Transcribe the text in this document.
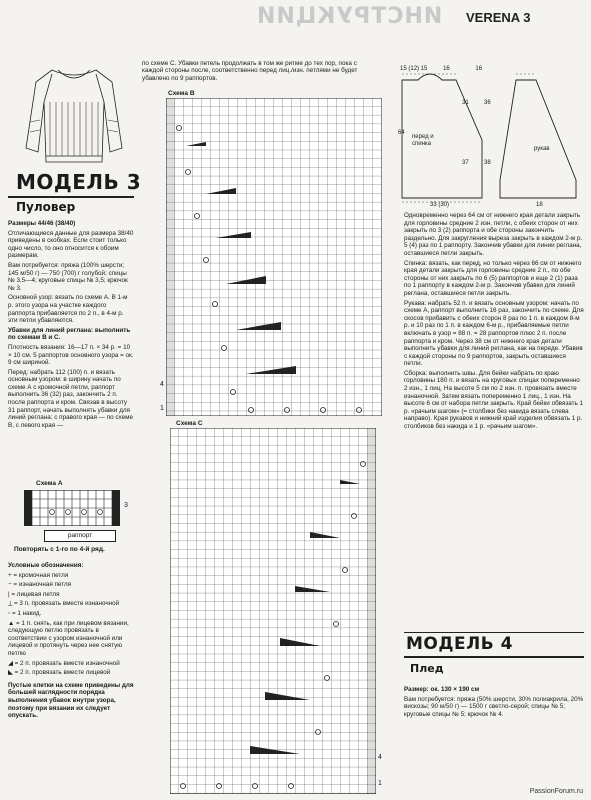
ИНСТРУКЦИИ VERENA 3
МОДЕЛЬ 3
Пуловер

Размеры 44/46 (38/40)

Отличающиеся данные для размера 38/40 приведены в скобках. Если стоит только одно число, то оно относится к обоим размерам.

Вам потребуется: пряжа (100% шерсти; 145 м/50 г) — 750 (700) г голубой; спицы № 3,5—4; круговые спицы № 3,5; крючок № 3.

Основной узор: вязать по схеме А. В 1-м р. этого узора на участке каждого раппорта прибавляется по 2 п., в 4-м р. эти петли убавляются.

Убавки для линий реглана: выполнить по схемам В и С.

Плотность вязания: 16—17 п. × 34 р. = 10 × 10 см. 5 раппортов основного узора = ок. 9 см шириной.

Перед: набрать 112 (100) п. и вязать основным узором: в ширину начать по схеме А с кромочной петли, раппорт выполнить 36 (32) раз, закончить 2 п. после раппорта и кром. Связав в высоту 31 раппорт, начать выполнять убавки для линий реглана: с правого края — по схеме В, с левого края —

Схема А
3
раппорт
Повторять с 1-го по 4-й ряд.

Условные обозначения:

+ = кромочная петля

− = изнаночная петля

| = лицевая петля

⟂ = 3 п. провязать вместе изнаночной

◦ = 1 накид.

▲ = 1 п. снять, как при лицевом вязании, следующую петлю провязать в соответствии с узором изнаночной или лицевой и протянуть через нее снятую петлю

◢ = 2 п. провязать вместе изнаночной

◣ = 2 п. провязать вместе лицевой

Пустые клетки на схеме приведены для большей наглядности порядка выполнения убавок внутри узора, поэтому при вязании их следует опускать.

по схеме С. Убавки петель продолжать в том же ритме до тех пор, пока с каждой стороны после, соответственно перед лиц./изн. петлями не будет убавлено по 9 раппортов.
Схема В
4
1
Схема С
4
1
15 (12) 15	16	16
перед и спинка
рукав
64
31	36
37	38
33 (30)	18

Одновременно через 64 см от нижнего края детали закрыть для горловины средние 2 изн. петли, с обеих сторон от них закрыть по 3 (2) раппорта и обе стороны закончить раздельно. Для закругления выреза закрыть в каждом 2-м р. 5 (4) раз по 1 раппорту. Закончив убавки для линии реглана, оставшиеся петли закрыть.

Спинка: вязать, как перед, но только через 66 см от нижнего края детали закрыть для горловины средние 2 п., по обе стороны от них закрыть по 6 (5) раппортов и еще 2 (1) раза по 1 раппорту в каждом 2-м р. Закончив убавки для линий реглана, оставшиеся петли закрыть.

Рукава: набрать 52 п. и вязать основным узором: начать по схеме А, раппорт выполнить 16 раз, закончить по схеме. Для скосов прибавить с обеих сторон 8 раз по 1 п. в каждом 8-м р. и 10 раз по 1 п. в каждом 6-м р., прибавляемые петли включать в узор = 88 п. = 28 раппортов плюс 2 п. после раппорта и кром. Через 38 см от нижнего края детали выполнить убавки для линий реглана, как на переде. Убавив с каждой стороны по 9 раппортов, закрыть оставшиеся петли.

Сборка: выполнить швы. Для бейки набрать по краю горловины 180 п. и вязать на круговых спицах попеременно 2 изн., 1 лиц. На высоте 5 см по 2 изн. п. провязать вместе изнаночной. Затем вязать попеременно 1 лиц., 1 изн. На высоте 6 см от набора петли закрыть. Край бейки обвязать 1 р. «рачьим шагом» (= столбики без накида вязать слева направо). Края рукавов и нижний край изделия обвязать 1 р. столбиков без накида и 1 р. «рачьим шагом».

МОДЕЛЬ 4
Плед

Размер: ок. 130 × 190 см

Вам потребуется: пряжа (50% шерсти, 30% полиакрила, 20% вискозы; 90 м/50 г) — 1500 г светло-серой; спицы № 5; круговые спицы № 5; крючок № 4.

PassionForum.ru
